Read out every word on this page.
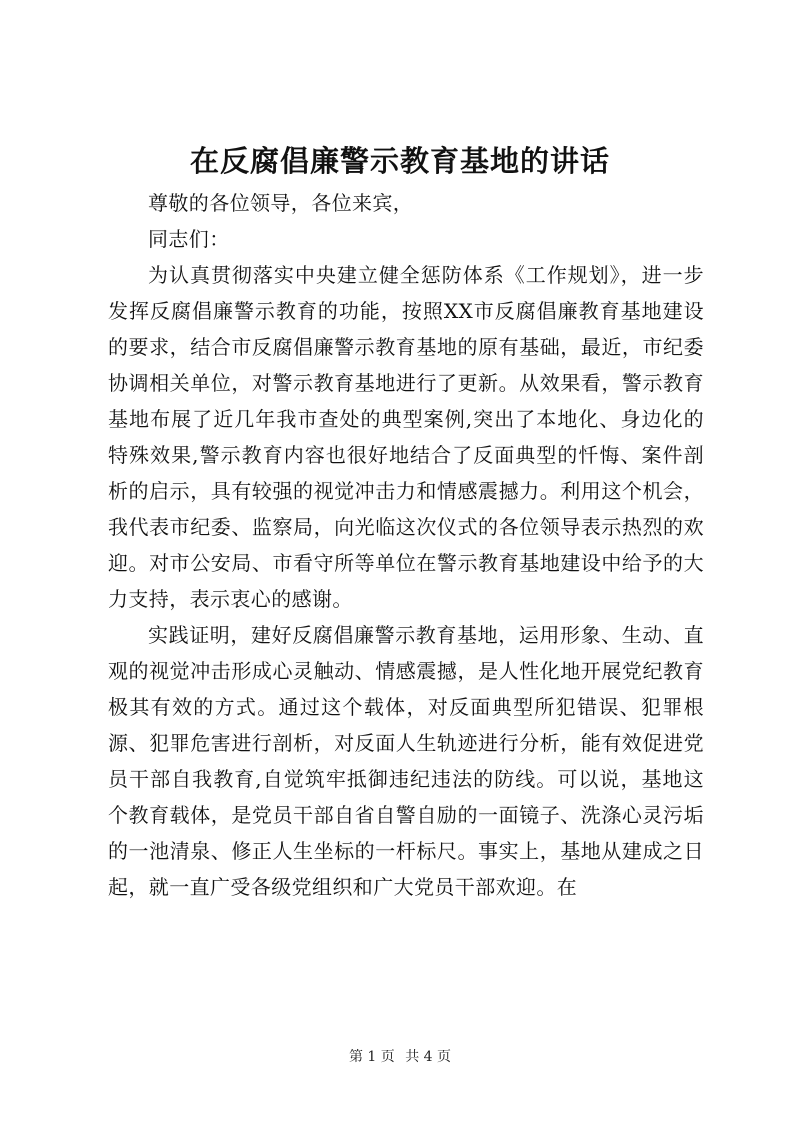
在反腐倡廉警示教育基地的讲话

尊敬的各位领导，各位来宾，

同志们：

为认真贯彻落实中央建立健全惩防体系《工作规划》，进一步发挥反腐倡廉警示教育的功能，按照XX市反腐倡廉教育基地建设的要求，结合市反腐倡廉警示教育基地的原有基础，最近，市纪委协调相关单位，对警示教育基地进行了更新。从效果看，警示教育基地布展了近几年我市查处的典型案例,突出了本地化、身边化的特殊效果,警示教育内容也很好地结合了反面典型的忏悔、案件剖析的启示，具有较强的视觉冲击力和情感震撼力。利用这个机会，我代表市纪委、监察局，向光临这次仪式的各位领导表示热烈的欢迎。对市公安局、市看守所等单位在警示教育基地建设中给予的大力支持，表示衷心的感谢。

实践证明，建好反腐倡廉警示教育基地，运用形象、生动、直观的视觉冲击形成心灵触动、情感震撼，是人性化地开展党纪教育极其有效的方式。通过这个载体，对反面典型所犯错误、犯罪根源、犯罪危害进行剖析，对反面人生轨迹进行分析，能有效促进党员干部自我教育,自觉筑牢抵御违纪违法的防线。可以说，基地这个教育载体，是党员干部自省自警自励的一面镜子、洗涤心灵污垢的一池清泉、修正人生坐标的一杆标尺。事实上，基地从建成之日起，就一直广受各级党组织和广大党员干部欢迎。在

第 1 页 共 4 页
